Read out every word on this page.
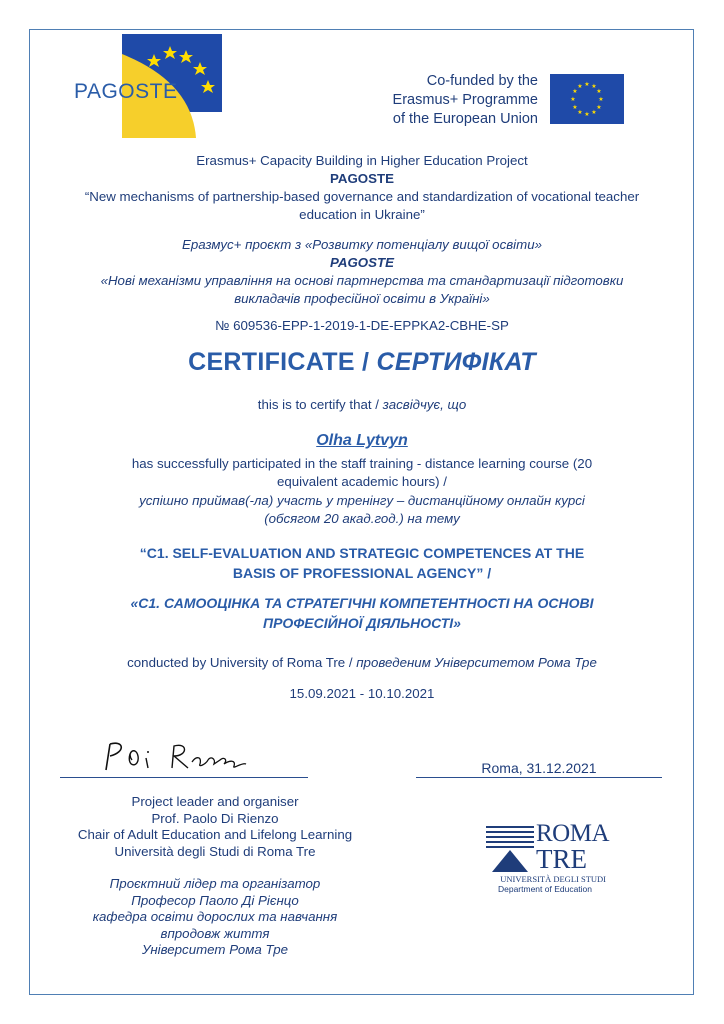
PAGOSTE	Co-funded by the
Erasmus+ Programme
of the European Union
★ ★
★
★
★
★
★
★
★
★
★
★
Erasmus+ Capacity Building in Higher Education Project
PAGOSTE
“New mechanisms of partnership-based governance and standardization of vocational teacher education in Ukraine”
Еразмус+ проєкт з «Розвитку потенціалу вищої освіти»
PAGOSTE
«Нові механізми управління на основі партнерства та стандартизації підготовки викладачів професійної освіти в Україні»
№ 609536-EPP-1-2019-1-DE-EPPKA2-CBHE-SP
CERTIFICATE / СЕРТИФІКАТ
this is to certify that / засвідчує, що
Olha Lytvyn
has successfully participated in the staff training - distance learning course (20 equivalent academic hours) /
успішно приймав(-ла) участь у тренінгу – дистанційному онлайн курсі (обсягом 20 акад.год.) на тему
“C1. SELF-EVALUATION AND STRATEGIC COMPETENCES AT THE BASIS OF PROFESSIONAL AGENCY” /
«С1. САМООЦІНКА ТА СТРАТЕГІЧНІ КОМПЕТЕНТНОСТІ НА ОСНОВІ ПРОФЕСІЙНОЇ ДІЯЛЬНОСТІ»
conducted by University of Roma Tre / проведеним Університетом Рома Тре
15.09.2021 - 10.10.2021
Roma, 31.12.2021
Project leader and organiser
Prof. Paolo Di Rienzo
Chair of Adult Education and Lifelong Learning
Università degli Studi di Roma Tre
Проєктний лідер та організатор
Професор Паоло Ді Рієнцо
кафедра освіти дорослих та навчання
впродовж життя
Університет Рома Тре
ROMA
TRE
UNIVERSITÀ DEGLI STUDI
Department of Education
